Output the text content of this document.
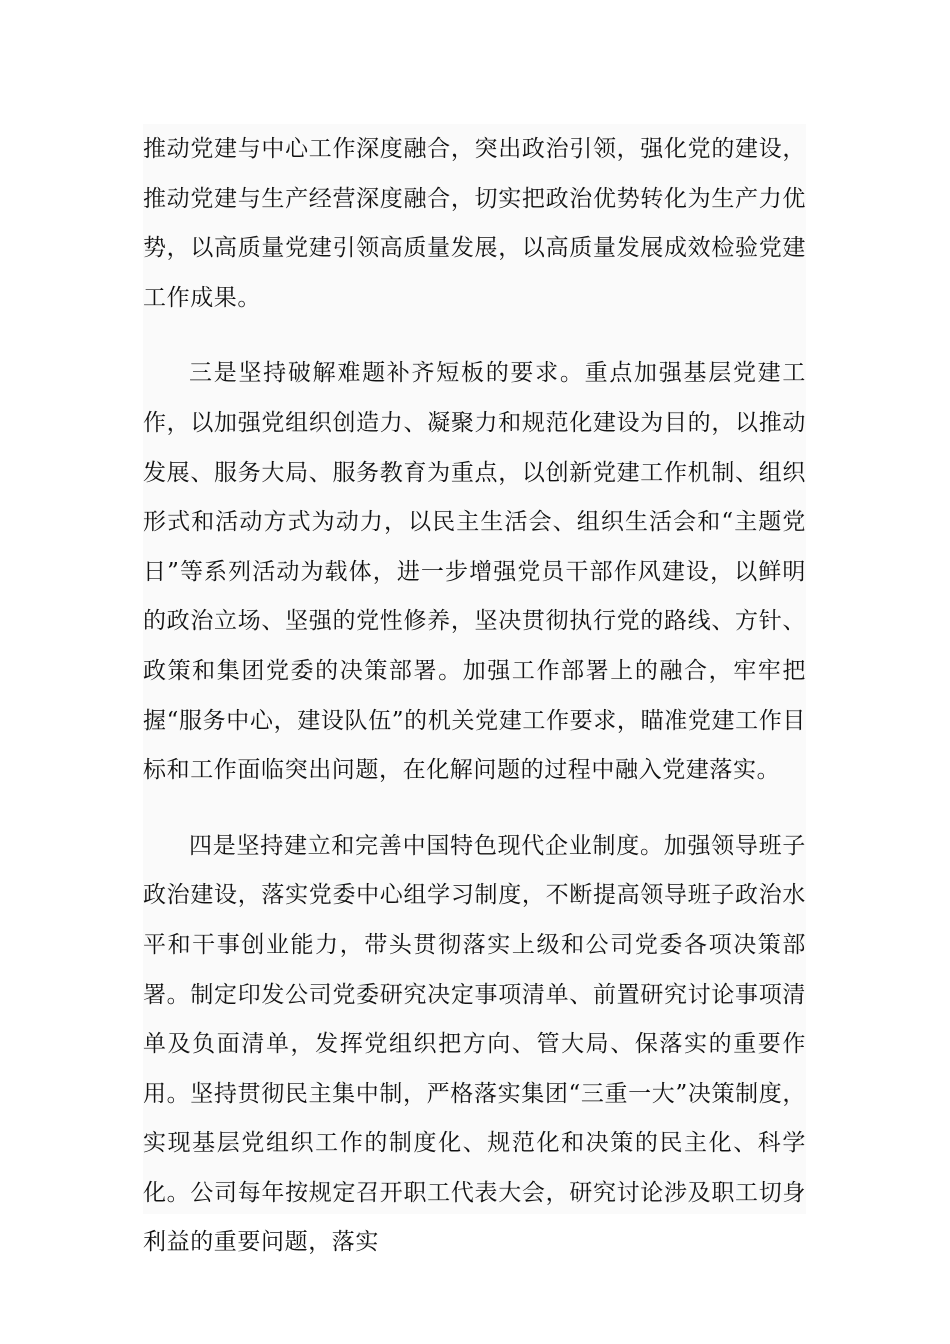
推动党建与中心工作深度融合，突出政治引领，强化党的建设，推动党建与生产经营深度融合，切实把政治优势转化为生产力优势，以高质量党建引领高质量发展，以高质量发展成效检验党建工作成果。

三是坚持破解难题补齐短板的要求。重点加强基层党建工作，以加强党组织创造力、凝聚力和规范化建设为目的，以推动发展、服务大局、服务教育为重点，以创新党建工作机制、组织形式和活动方式为动力，以民主生活会、组织生活会和“主题党日”等系列活动为载体，进一步增强党员干部作风建设，以鲜明的政治立场、坚强的党性修养，坚决贯彻执行党的路线、方针、政策和集团党委的决策部署。加强工作部署上的融合，牢牢把握“服务中心，建设队伍”的机关党建工作要求，瞄准党建工作目标和工作面临突出问题，在化解问题的过程中融入党建落实。

四是坚持建立和完善中国特色现代企业制度。加强领导班子政治建设，落实党委中心组学习制度，不断提高领导班子政治水平和干事创业能力，带头贯彻落实上级和公司党委各项决策部署。制定印发公司党委研究决定事项清单、前置研究讨论事项清单及负面清单，发挥党组织把方向、管大局、保落实的重要作用。坚持贯彻民主集中制，严格落实集团“三重一大”决策制度，实现基层党组织工作的制度化、规范化和决策的民主化、科学化。公司每年按规定召开职工代表大会，研究讨论涉及职工切身利益的重要问题，落实
